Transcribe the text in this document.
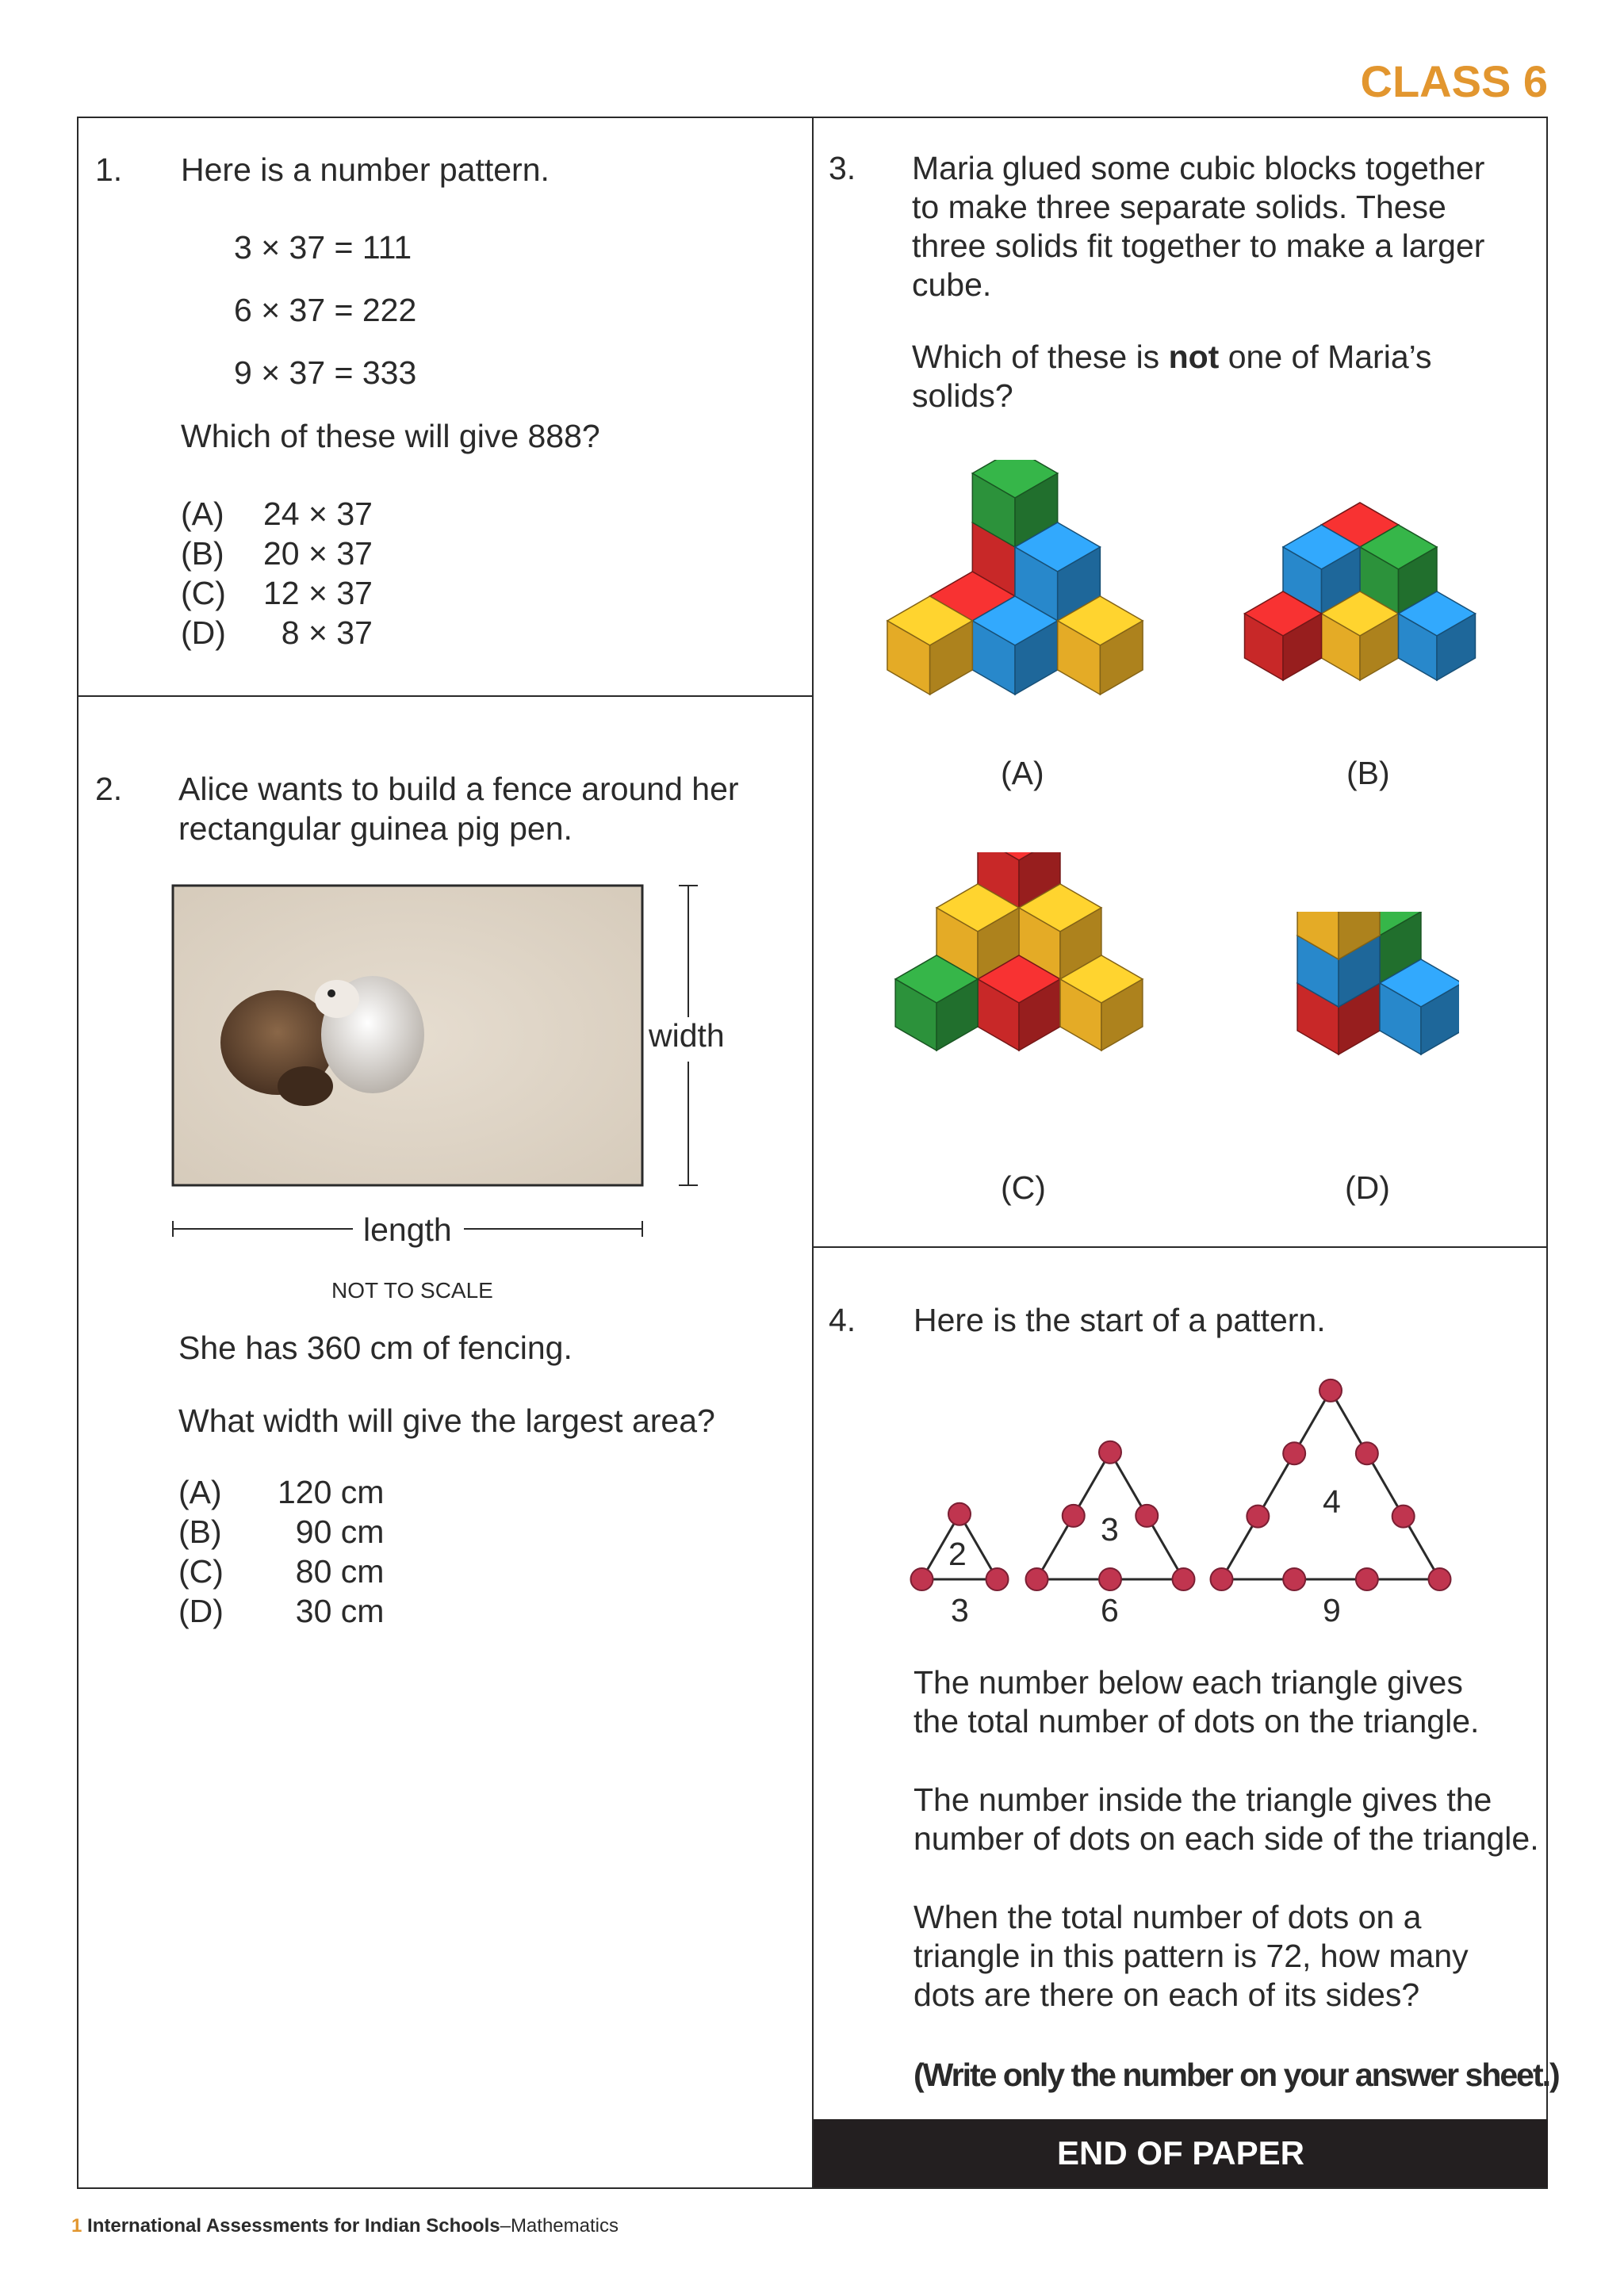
CLASS 6
1. Here is a number pattern.
3 × 37 = 111
6 × 37 = 222
9 × 37 = 333
Which of these will give 888?
(A)	24 × 37
(B)	20 × 37
(C)	12 × 37
(D)	8 × 37
2. Alice wants to build a fence around her
rectangular guinea pig pen.
width
length
NOT TO SCALE
She has 360 cm of fencing.
What width will give the largest area?
(A)	120 cm
(B)	90 cm
(C)	80 cm
(D)	30 cm
3. Maria glued some cubic blocks together
to make three separate solids. These
three solids fit together to make a larger
cube.
Which of these is not one of Maria’s
solids?
(A)	(B)
(C)	(D)
4. Here is the start of a pattern.
2
3
3
6
4
9
The number below each triangle gives
the total number of dots on the triangle.
The number inside the triangle gives the
number of dots on each side of the triangle.
When the total number of dots on a
triangle in this pattern is 72, how many
dots are there on each of its sides?
(Write only the number on your answer sheet.)
END OF PAPER
1 International Assessments for Indian Schools–Mathematics
